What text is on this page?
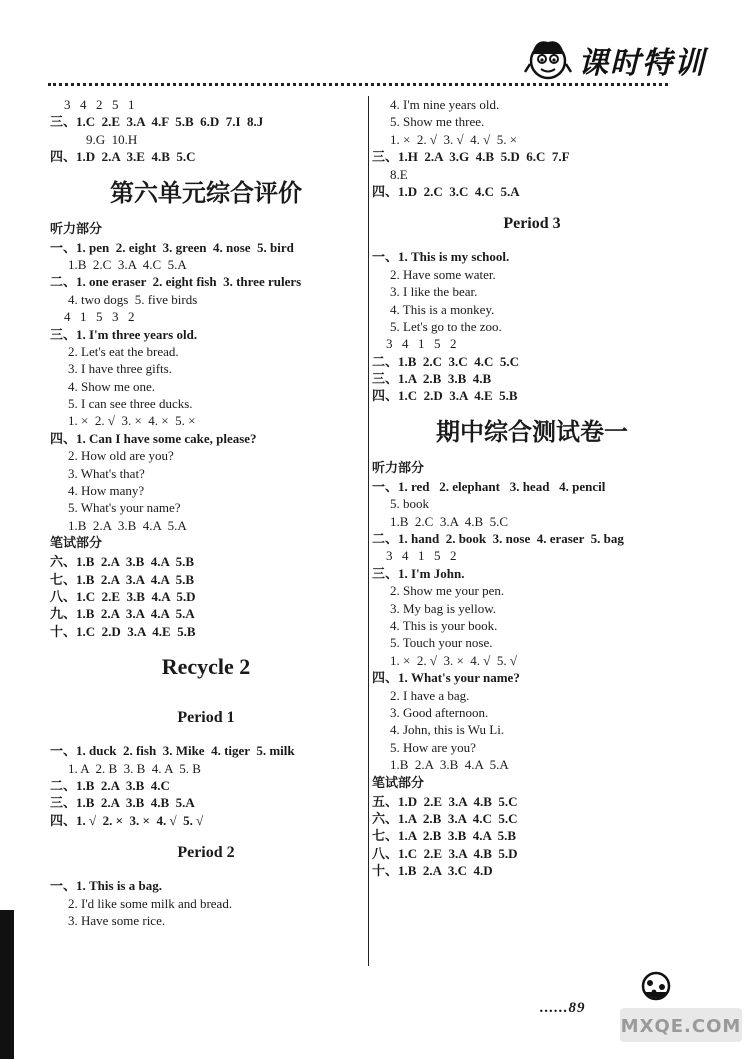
课时特训
3  4  2  5  1
三、1.C  2.E  3.A  4.F  5.B  6.D  7.I  8.J
9.G  10.H
四、1.D  2.A  3.E  4.B  5.C
第六单元综合评价
听力部分
一、1. pen  2. eight  3. green  4. nose  5. bird
1.B  2.C  3.A  4.C  5.A
二、1. one eraser  2. eight fish  3. three rulers
4. two dogs  5. five birds
4  1  5  3  2
三、1. I'm three years old.
2. Let's eat the bread.
3. I have three gifts.
4. Show me one.
5. I can see three ducks.
1. ×  2. √  3. ×  4. ×  5. ×
四、1. Can I have some cake, please?
2. How old are you?
3. What's that?
4. How many?
5. What's your name?
1.B  2.A  3.B  4.A  5.A
笔试部分
六、1.B  2.A  3.B  4.A  5.B
七、1.B  2.A  3.A  4.A  5.B
八、1.C  2.E  3.B  4.A  5.D
九、1.B  2.A  3.A  4.A  5.A
十、1.C  2.D  3.A  4.E  5.B
Recycle 2
Period 1
一、1. duck  2. fish  3. Mike  4. tiger  5. milk
1. A  2. B  3. B  4. A  5. B
二、1.B  2.A  3.B  4.C
三、1.B  2.A  3.B  4.B  5.A
四、1. √  2. ×  3. ×  4. √  5. √
Period 2
一、1. This is a bag.
2. I'd like some milk and bread.
3. Have some rice.
4. I'm nine years old.
5. Show me three.
1. ×  2. √  3. √  4. √  5. ×
三、1.H  2.A  3.G  4.B  5.D  6.C  7.F
8.E
四、1.D  2.C  3.C  4.C  5.A
Period 3
一、1. This is my school.
2. Have some water.
3. I like the bear.
4. This is a monkey.
5. Let's go to the zoo.
3  4  1  5  2
二、1.B  2.C  3.C  4.C  5.C
三、1.A  2.B  3.B  4.B
四、1.C  2.D  3.A  4.E  5.B
期中综合测试卷一
听力部分
一、1. red   2. elephant   3. head   4. pencil
5. book
1.B  2.C  3.A  4.B  5.C
二、1. hand  2. book  3. nose  4. eraser  5. bag
3  4  1  5  2
三、1. I'm John.
2. Show me your pen.
3. My bag is yellow.
4. This is your book.
5. Touch your nose.
1. ×  2. √  3. ×  4. √  5. √
四、1. What's your name?
2. I have a bag.
3. Good afternoon.
4. John, this is Wu Li.
5. How are you?
1.B  2.A  3.B  4.A  5.A
笔试部分
五、1.D  2.E  3.A  4.B  5.C
六、1.A  2.B  3.A  4.C  5.C
七、1.A  2.B  3.B  4.A  5.B
八、1.C  2.E  3.A  4.B  5.D
十、1.B  2.A  3.C  4.D
......89
MXQE.COM
